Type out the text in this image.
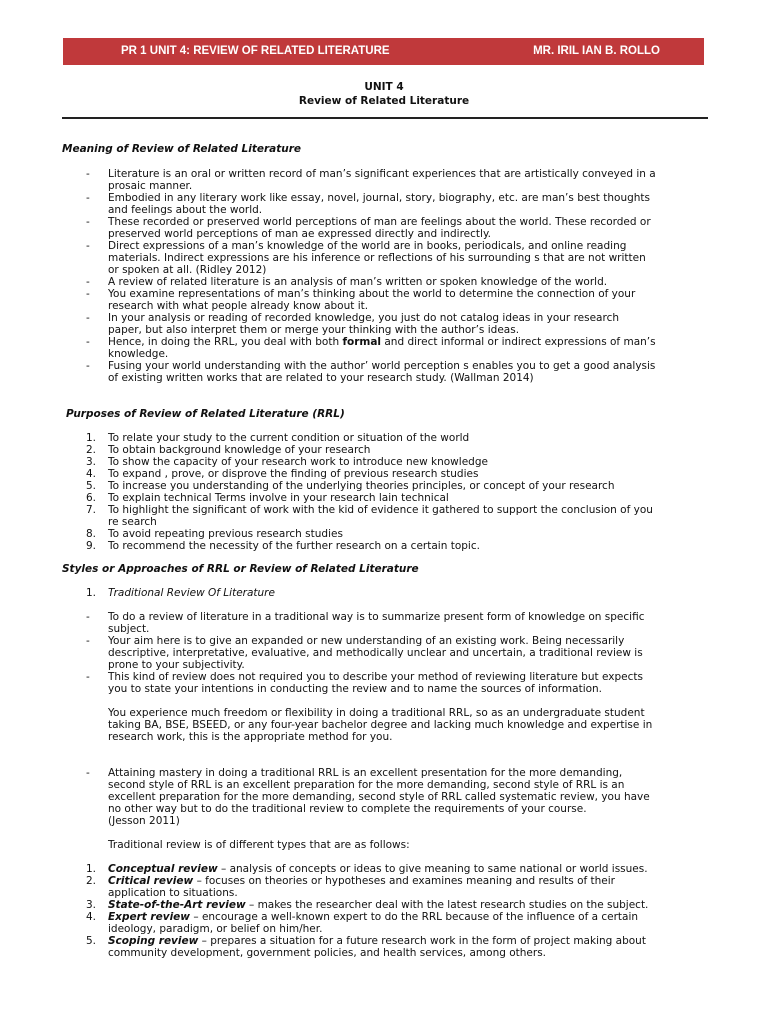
PR 1 UNIT 4: REVIEW OF RELATED LITERATURE	MR. IRIL IAN B. ROLLO
UNIT 4
Review of Related Literature
Meaning of Review of Related Literature
- Literature is an oral or written record of man’s significant experiences that are artistically conveyed in a
prosaic manner.
- Embodied in any literary work like essay, novel, journal, story, biography, etc. are man’s best thoughts
and feelings about the world.
- These recorded or preserved world perceptions of man are feelings about the world. These recorded or
preserved world perceptions of man ae expressed directly and indirectly.
- Direct expressions of a man’s knowledge of the world are in books, periodicals, and online reading
materials. Indirect expressions are his inference or reflections of his surrounding s that are not written
or spoken at all. (Ridley 2012)
- A review of related literature is an analysis of man’s written or spoken knowledge of the world.
- You examine representations of man’s thinking about the world to determine the connection of your
research with what people already know about it.
- In your analysis or reading of recorded knowledge, you just do not catalog ideas in your research
paper, but also interpret them or merge your thinking with the author’s ideas.
- Hence, in doing the RRL, you deal with both formal and direct informal or indirect expressions of man’s
knowledge.
- Fusing your world understanding with the author’ world perception s enables you to get a good analysis
of existing written works that are related to your research study. (Wallman 2014)
Purposes of Review of Related Literature (RRL)
1. To relate your study to the current condition or situation of the world
2. To obtain background knowledge of your research
3. To show the capacity of your research work to introduce new knowledge
4. To expand , prove, or disprove the finding of previous research studies
5. To increase you understanding of the underlying theories principles, or concept of your research
6. To explain technical Terms involve in your research lain technical
7. To highlight the significant of work with the kid of evidence it gathered to support the conclusion of you
re search
8. To avoid repeating previous research studies
9. To recommend the necessity of the further research on a certain topic.
Styles or Approaches of RRL or Review of Related Literature
1. Traditional Review Of Literature
- To do a review of literature in a traditional way is to summarize present form of knowledge on specific
subject.
- Your aim here is to give an expanded or new understanding of an existing work. Being necessarily
descriptive, interpretative, evaluative, and methodically unclear and uncertain, a traditional review is
prone to your subjectivity.
- This kind of review does not required you to describe your method of reviewing literature but expects
you to state your intentions in conducting the review and to name the sources of information.
You experience much freedom or flexibility in doing a traditional RRL, so as an undergraduate student
taking BA, BSE, BSEED, or any four-year bachelor degree and lacking much knowledge and expertise in
research work, this is the appropriate method for you.
- Attaining mastery in doing a traditional RRL is an excellent presentation for the more demanding,
second style of RRL is an excellent preparation for the more demanding, second style of RRL is an
excellent preparation for the more demanding, second style of RRL called systematic review, you have
no other way but to do the traditional review to complete the requirements of your course.
(Jesson 2011)
Traditional review is of different types that are as follows:
1. Conceptual review – analysis of concepts or ideas to give meaning to same national or world issues.
2. Critical review – focuses on theories or hypotheses and examines meaning and results of their
application to situations.
3. State-of-the-Art review – makes the researcher deal with the latest research studies on the subject.
4. Expert review – encourage a well-known expert to do the RRL because of the influence of a certain
ideology, paradigm, or belief on him/her.
5. Scoping review – prepares a situation for a future research work in the form of project making about
community development, government policies, and health services, among others.
